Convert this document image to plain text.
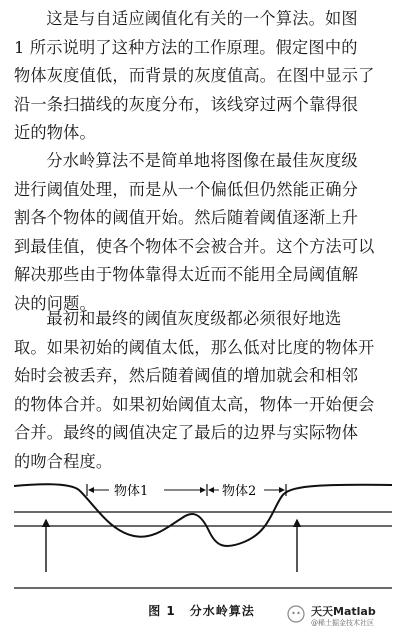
这是与自适应阈值化有关的一个算法。如图
1 所示说明了这种方法的工作原理。假定图中的
物体灰度值低，而背景的灰度值高。在图中显示了
沿一条扫描线的灰度分布，该线穿过两个靠得很
近的物体。
分水岭算法不是简单地将图像在最佳灰度级
进行阈值处理，而是从一个偏低但仍然能正确分
割各个物体的阈值开始。然后随着阈值逐渐上升
到最佳值，使各个物体不会被合并。这个方法可以
解决那些由于物体靠得太近而不能用全局阈值解
决的问题。
最初和最终的阈值灰度级都必须很好地选
取。如果初始的阈值太低，那么低对比度的物体开
始时会被丢弃，然后随着阈值的增加就会和相邻
的物体合并。如果初始阈值太高，物体一开始便会
合并。最终的阈值决定了最后的边界与实际物体
的吻合程度。
物体1	物体2
图 1 分水岭算法	天天Matlab
@稀土掘金技术社区
